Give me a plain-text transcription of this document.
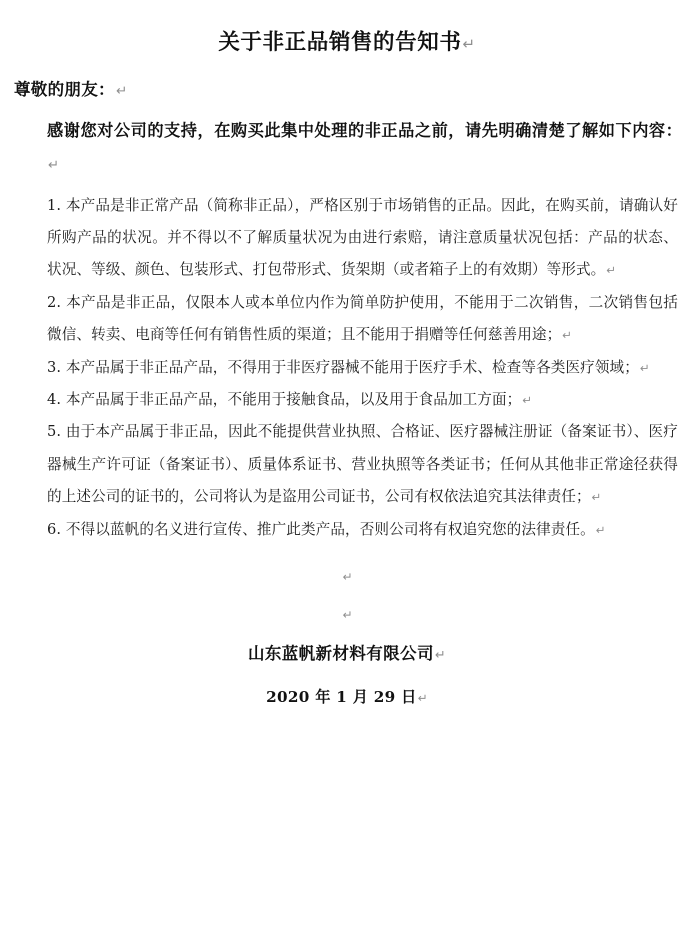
关于非正品销售的告知书↵

尊敬的朋友：↵

感谢您对公司的支持，在购买此集中处理的非正品之前，请先明确清楚了解如下内容：↵

1. 本产品是非正常产品（简称非正品），严格区别于市场销售的正品。因此，在购买前，请确认好所购产品的状况。并不得以不了解质量状况为由进行索赔，请注意质量状况包括：产品的状态、状况、等级、颜色、包装形式、打包带形式、货架期（或者箱子上的有效期）等形式。↵

2. 本产品是非正品，仅限本人或本单位内作为简单防护使用，不能用于二次销售，二次销售包括微信、转卖、电商等任何有销售性质的渠道；且不能用于捐赠等任何慈善用途；↵

3. 本产品属于非正品产品，不得用于非医疗器械不能用于医疗手术、检查等各类医疗领域；↵

4. 本产品属于非正品产品，不能用于接触食品，以及用于食品加工方面；↵

5. 由于本产品属于非正品，因此不能提供营业执照、合格证、医疗器械注册证（备案证书）、医疗器械生产许可证（备案证书）、质量体系证书、营业执照等各类证书；任何从其他非正常途径获得的上述公司的证书的，公司将认为是盗用公司证书，公司有权依法追究其法律责任；↵

6. 不得以蓝帆的名义进行宣传、推广此类产品，否则公司将有权追究您的法律责任。↵

↵
↵

山东蓝帆新材料有限公司↵

2020 年 1 月 29 日↵
